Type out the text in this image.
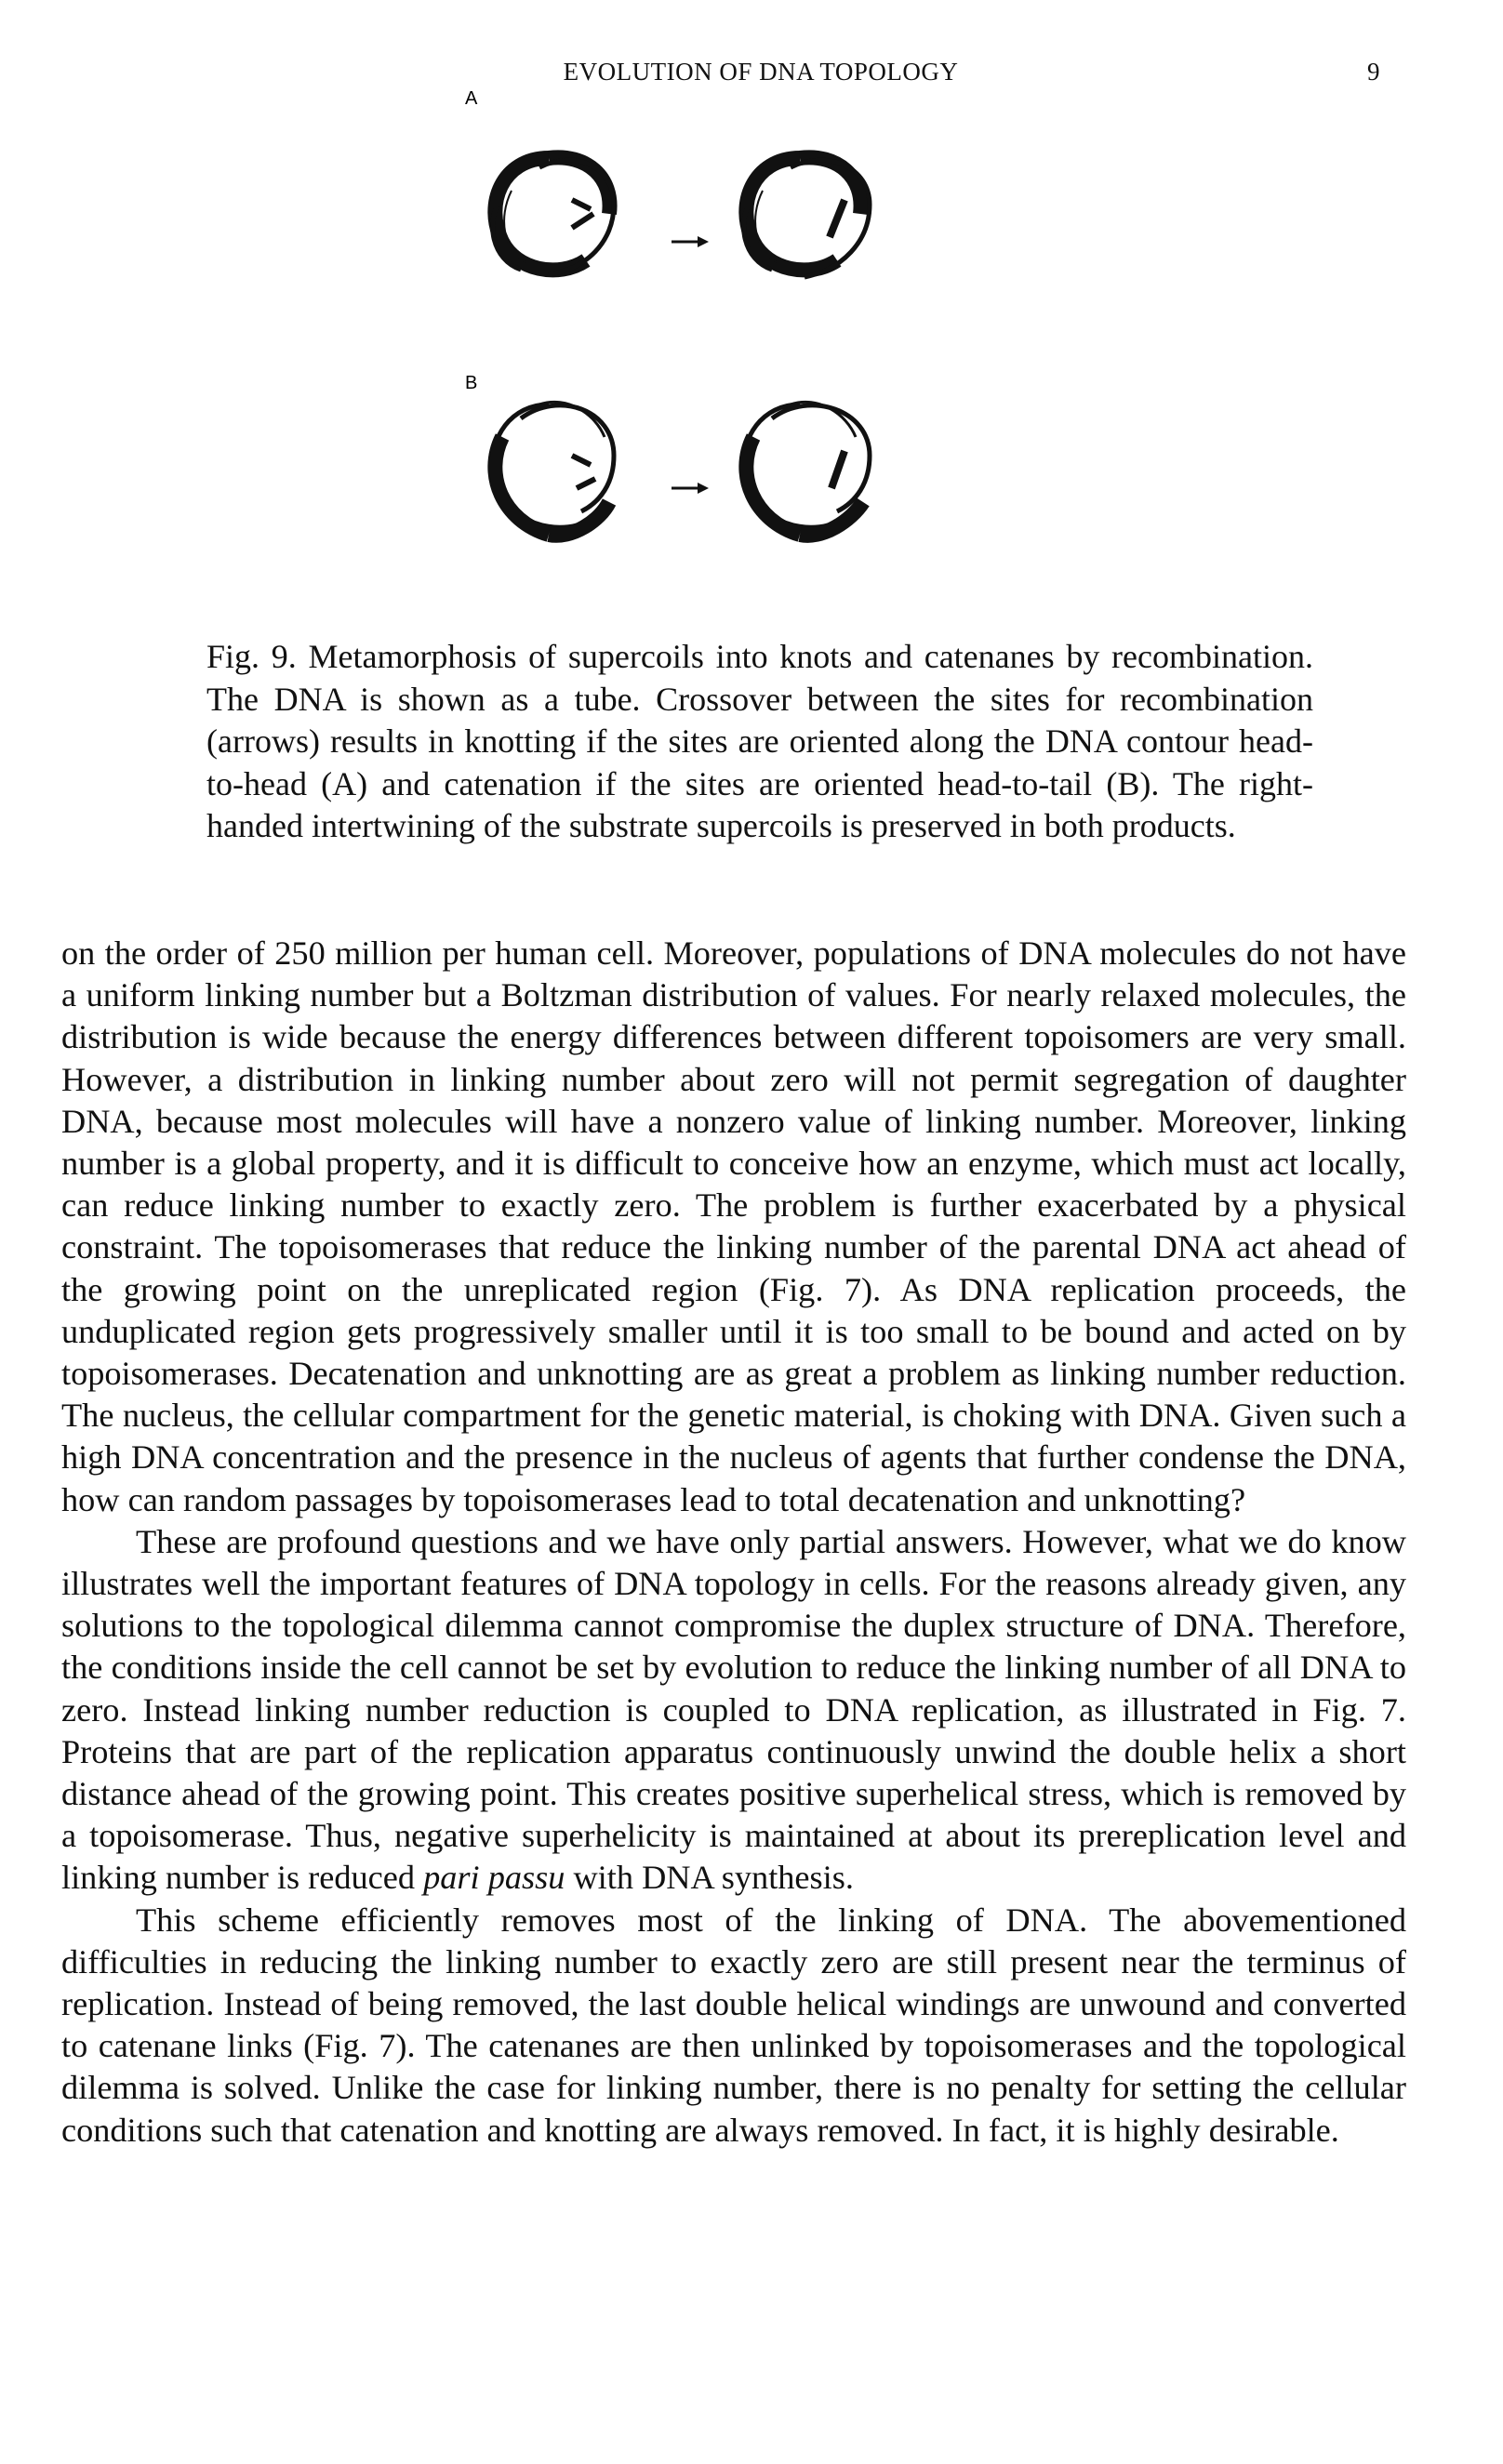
EVOLUTION OF DNA TOPOLOGY	9
A
B
Fig. 9. Metamorphosis of supercoils into knots and catenanes by recombination. The DNA is shown as a tube. Crossover between the sites for recombination (arrows) results in knotting if the sites are oriented along the DNA contour head-to-head (A) and catenation if the sites are oriented head-to-tail (B). The right-handed intertwining of the substrate supercoils is preserved in both products.

on the order of 250 million per human cell. Moreover, populations of DNA molecules do not have a uniform linking number but a Boltzman distribution of values. For nearly relaxed molecules, the distribution is wide because the energy differences between different topoisomers are very small. However, a distribution in linking number about zero will not permit segregation of daughter DNA, because most molecules will have a nonzero value of linking number. Moreover, linking number is a global property, and it is difficult to conceive how an enzyme, which must act locally, can reduce linking number to exactly zero. The problem is further exacerbated by a physical constraint. The topoisomerases that reduce the linking number of the parental DNA act ahead of the growing point on the unreplicated region (Fig. 7). As DNA replication proceeds, the unduplicated region gets progressively smaller until it is too small to be bound and acted on by topoisomerases. Decatenation and unknotting are as great a problem as linking number reduction. The nucleus, the cellular compartment for the genetic material, is choking with DNA. Given such a high DNA concentration and the presence in the nucleus of agents that further condense the DNA, how can random passages by topoisomerases lead to total decatenation and unknotting?

These are profound questions and we have only partial answers. However, what we do know illustrates well the important features of DNA topology in cells. For the reasons already given, any solutions to the topological dilemma cannot compromise the duplex structure of DNA. Therefore, the conditions inside the cell cannot be set by evolution to reduce the linking number of all DNA to zero. Instead linking number reduction is coupled to DNA replication, as illustrated in Fig. 7. Proteins that are part of the replication apparatus continuously unwind the double helix a short distance ahead of the growing point. This creates positive superhelical stress, which is removed by a topoisomerase. Thus, negative superhelicity is maintained at about its prereplication level and linking number is reduced pari passu with DNA synthesis.

This scheme efficiently removes most of the linking of DNA. The abovementioned difficulties in reducing the linking number to exactly zero are still present near the terminus of replication. Instead of being removed, the last double helical windings are unwound and converted to catenane links (Fig. 7). The catenanes are then unlinked by topoisomerases and the topological dilemma is solved. Unlike the case for linking number, there is no penalty for setting the cellular conditions such that catenation and knotting are always removed. In fact, it is highly desirable.
